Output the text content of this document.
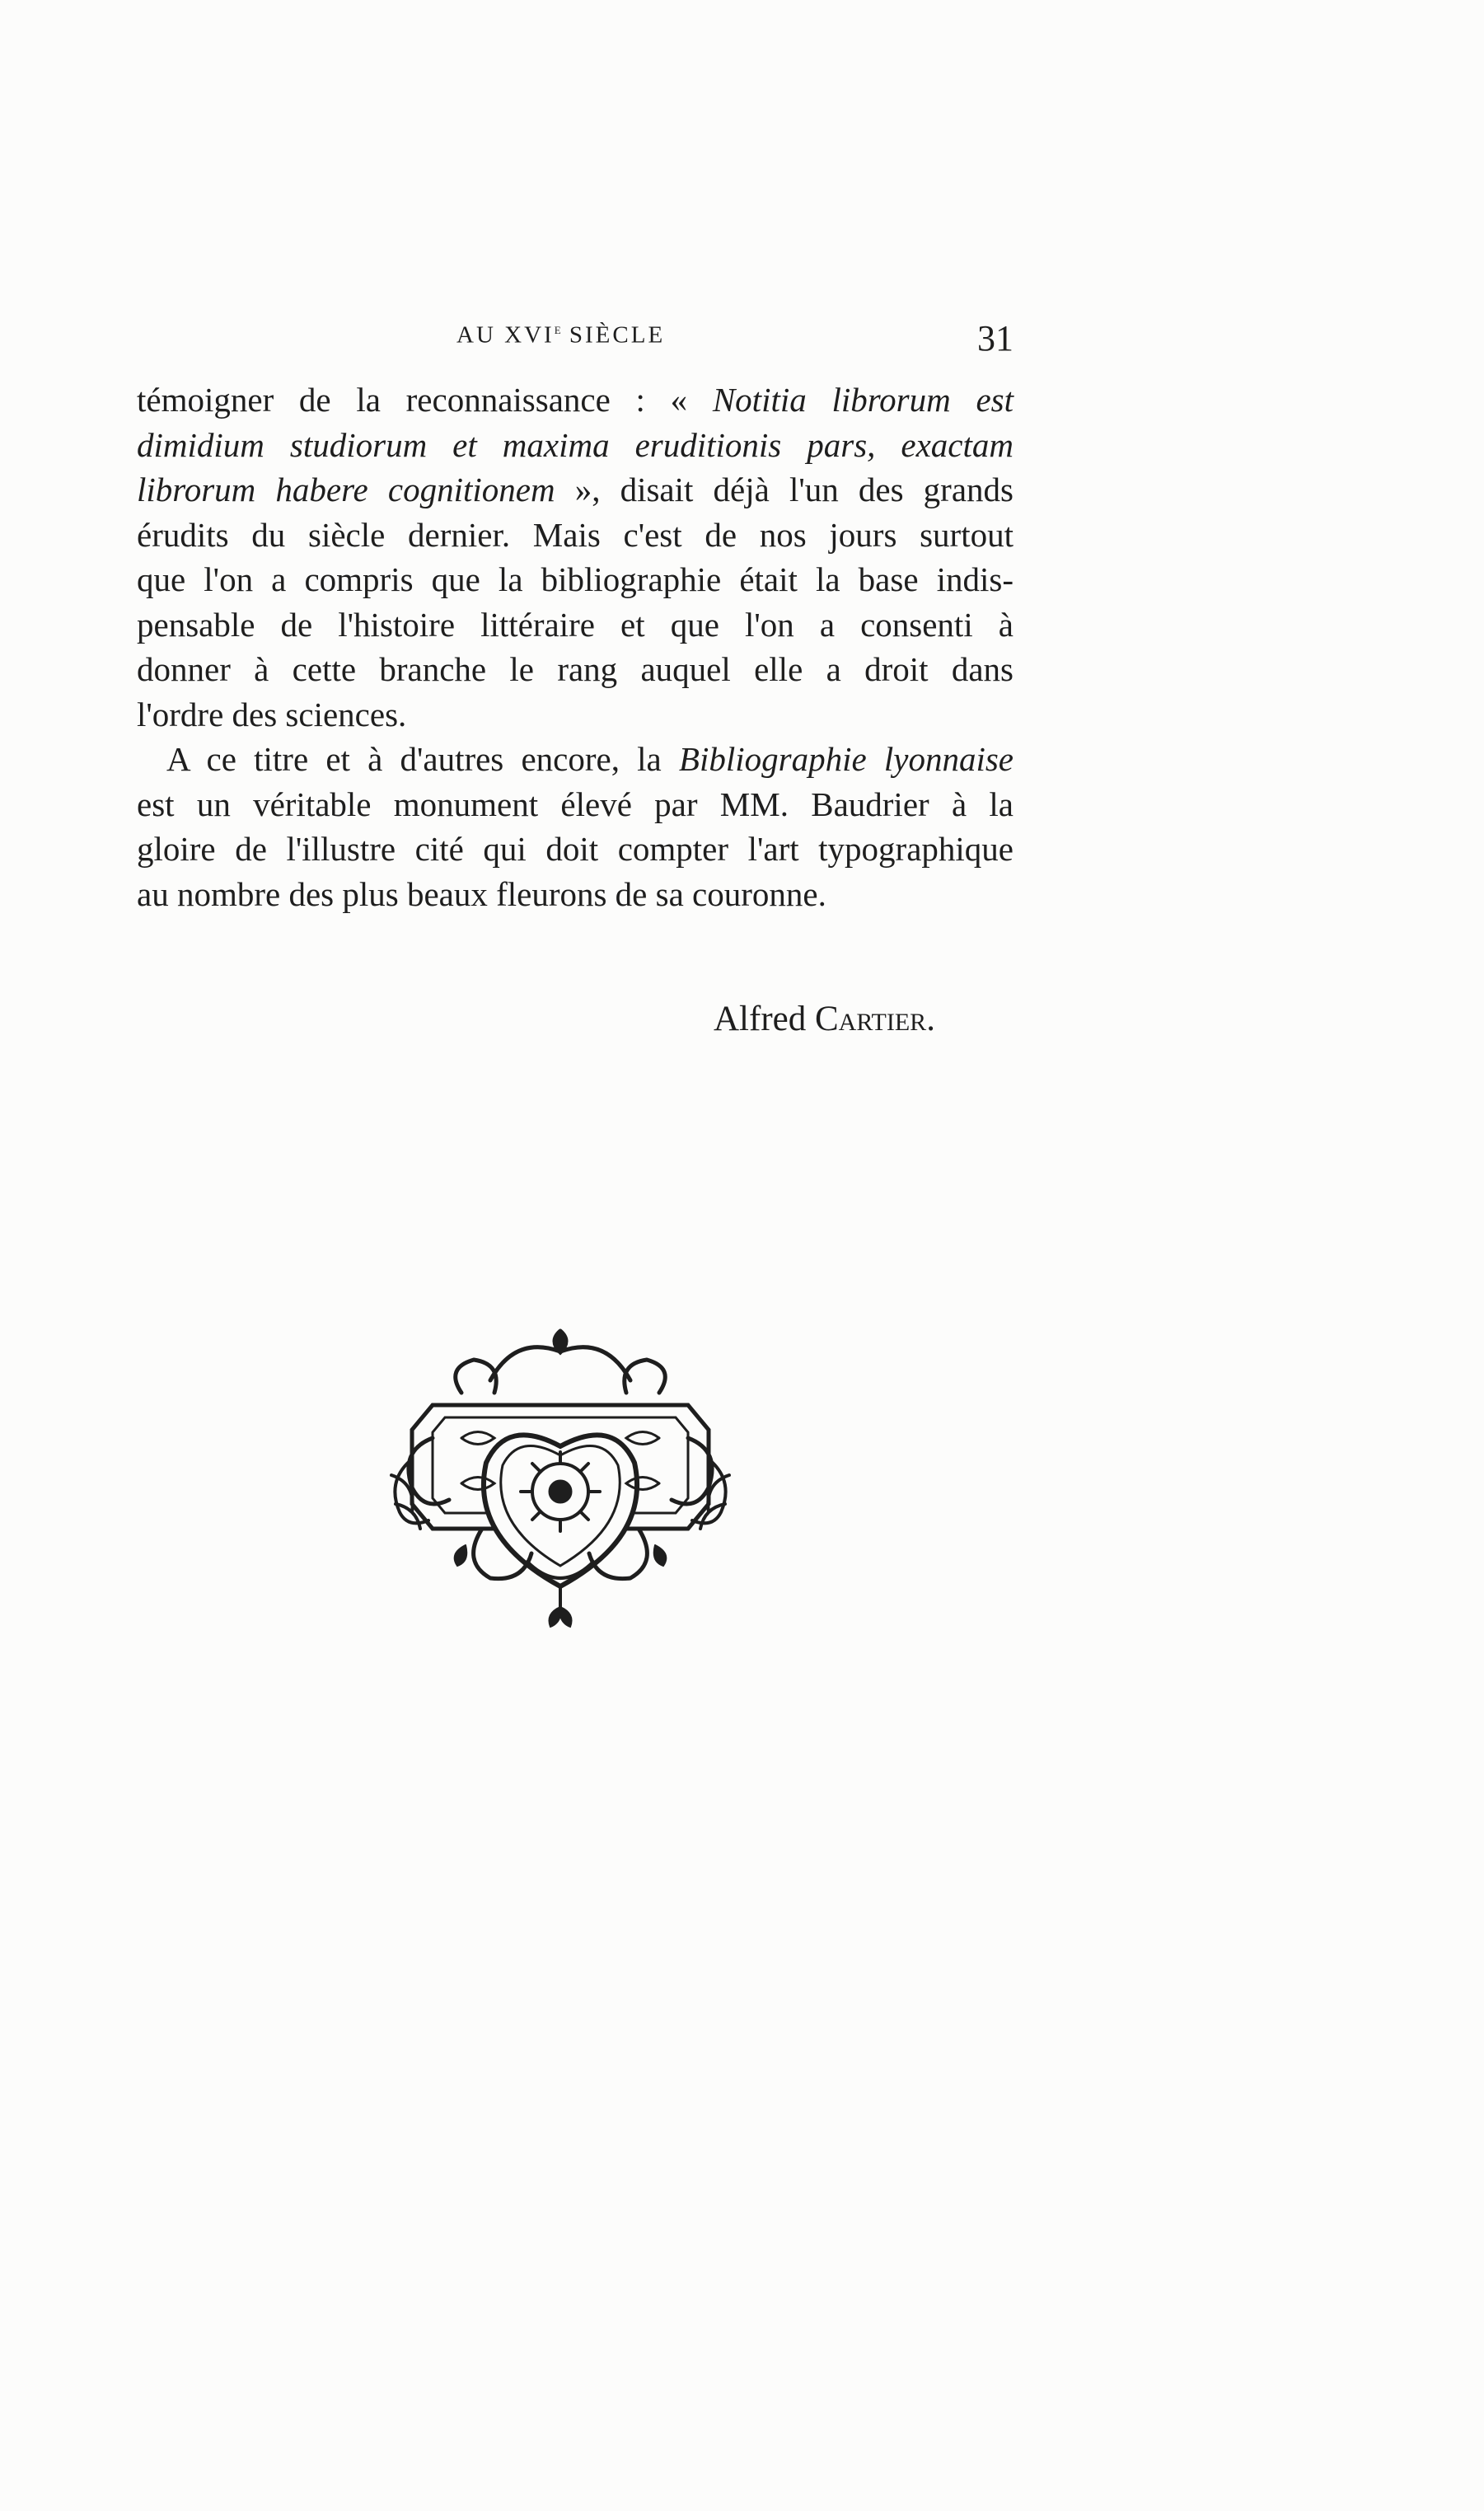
AU XVIe SIÈCLE	31

témoigner de la reconnaissance : « Notitia librorum est
dimidium studiorum et maxima eruditionis pars, exactam
librorum habere cognitionem », disait déjà l'un des grands
érudits du siècle dernier. Mais c'est de nos jours surtout
que l'on a compris que la bibliographie était la base indis-
pensable de l'histoire littéraire et que l'on a consenti à
donner à cette branche le rang auquel elle a droit dans
l'ordre des sciences.

A ce titre et à d'autres encore, la Bibliographie lyonnaise
est un véritable monument élevé par MM. Baudrier à la
gloire de l'illustre cité qui doit compter l'art typographique
au nombre des plus beaux fleurons de sa couronne.

Alfred Cartier.
